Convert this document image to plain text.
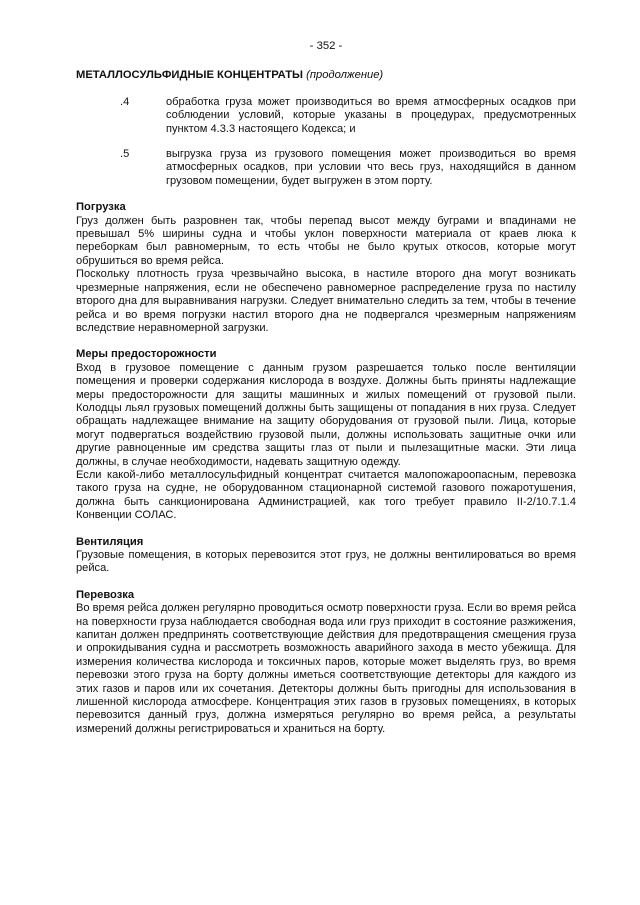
- 352 -
МЕТАЛЛОСУЛЬФИДНЫЕ КОНЦЕНТРАТЫ (продолжение)
.4	обработка груза может производиться во время атмосферных осадков при соблюдении условий, которые указаны в процедурах, предусмотренных пунктом 4.3.3 настоящего Кодекса; и
.5	выгрузка груза из грузового помещения может производиться во время атмосферных осадков, при условии что весь груз, находящийся в данном грузовом помещении, будет выгружен в этом порту.
Погрузка

Груз должен быть разровнен так, чтобы перепад высот между буграми и впадинами не превышал 5% ширины судна и чтобы уклон поверхности материала от краев люка к переборкам был равномерным, то есть чтобы не было крутых откосов, которые могут обрушиться во время рейса.

Поскольку плотность груза чрезвычайно высока, в настиле второго дна могут возникать чрезмерные напряжения, если не обеспечено равномерное распределение груза по настилу второго дна для выравнивания нагрузки. Следует внимательно следить за тем, чтобы в течение рейса и во время погрузки настил второго дна не подвергался чрезмерным напряжениям вследствие неравномерной загрузки.

Меры предосторожности

Вход в грузовое помещение с данным грузом разрешается только после вентиляции помещения и проверки содержания кислорода в воздухе. Должны быть приняты надлежащие меры предосторожности для защиты машинных и жилых помещений от грузовой пыли. Колодцы льял грузовых помещений должны быть защищены от попадания в них груза. Следует обращать надлежащее внимание на защиту оборудования от грузовой пыли. Лица, которые могут подвергаться воздействию грузовой пыли, должны использовать защитные очки или другие равноценные им средства защиты глаз от пыли и пылезащитные маски. Эти лица должны, в случае необходимости, надевать защитную одежду.

Если какой-либо металлосульфидный концентрат считается малопожароопасным, перевозка такого груза на судне, не оборудованном стационарной системой газового пожаротушения, должна быть санкционирована Администрацией, как того требует правило II-2/10.7.1.4 Конвенции СОЛАС.

Вентиляция

Грузовые помещения, в которых перевозится этот груз, не должны вентилироваться во время рейса.

Перевозка

Во время рейса должен регулярно проводиться осмотр поверхности груза. Если во время рейса на поверхности груза наблюдается свободная вода или груз приходит в состояние разжижения, капитан должен предпринять соответствующие действия для предотвращения смещения груза и опрокидывания судна и рассмотреть возможность аварийного захода в место убежища. Для измерения количества кислорода и токсичных паров, которые может выделять груз, во время перевозки этого груза на борту должны иметься соответствующие детекторы для каждого из этих газов и паров или их сочетания. Детекторы должны быть пригодны для использования в лишенной кислорода атмосфере. Концентрация этих газов в грузовых помещениях, в которых перевозится данный груз, должна измеряться регулярно во время рейса, а результаты измерений должны регистрироваться и храниться на борту.
